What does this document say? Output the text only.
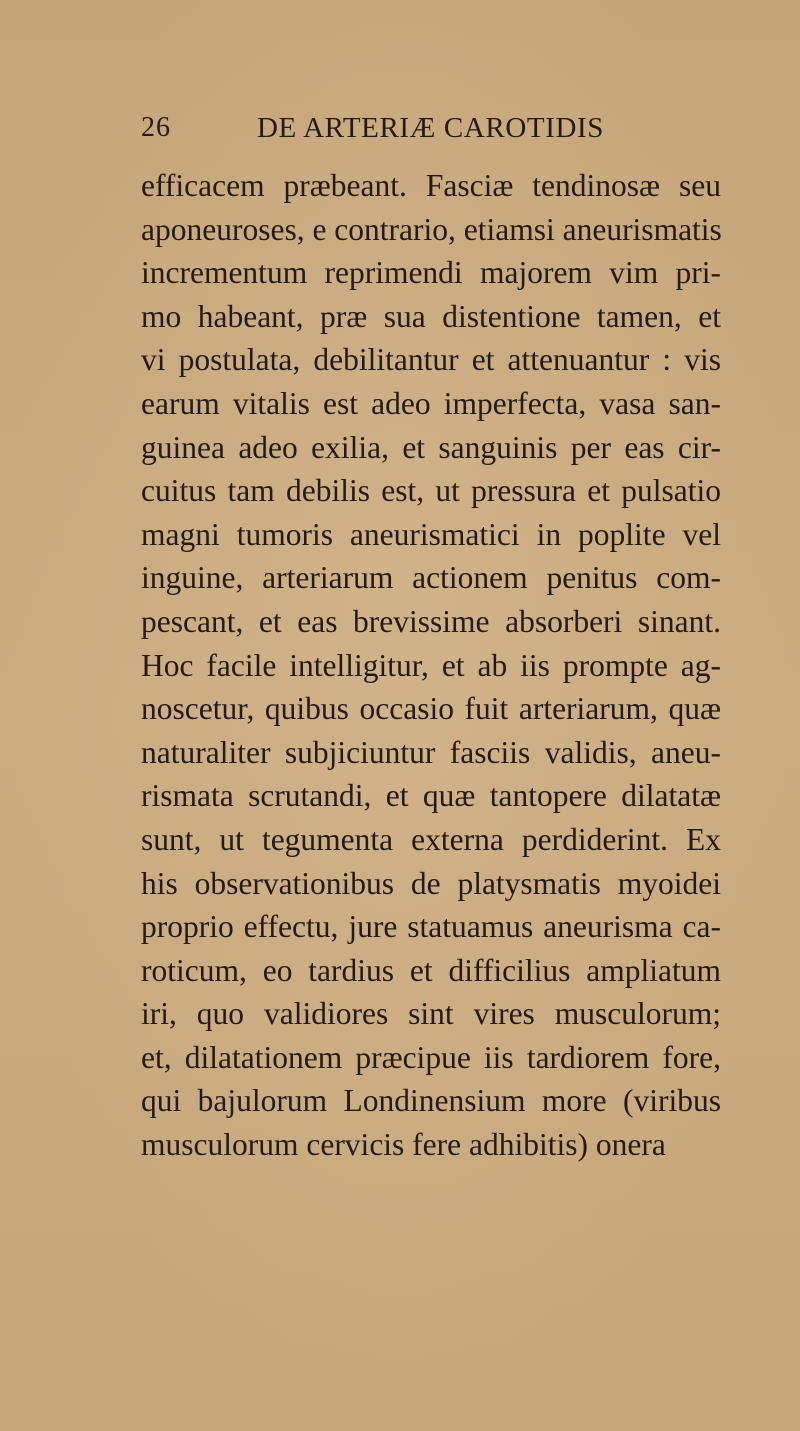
26	DE ARTERIÆ CAROTIDIS
efficacem præbeant. Fasciæ tendinosæ seu
aponeuroses, e contrario, etiamsi aneurismatis
incrementum reprimendi majorem vim pri-
mo habeant, præ sua distentione tamen, et
vi postulata, debilitantur et attenuantur : vis
earum vitalis est adeo imperfecta, vasa san-
guinea adeo exilia, et sanguinis per eas cir-
cuitus tam debilis est, ut pressura et pulsatio
magni tumoris aneurismatici in poplite vel
inguine, arteriarum actionem penitus com-
pescant, et eas brevissime absorberi sinant.
Hoc facile intelligitur, et ab iis prompte ag-
noscetur, quibus occasio fuit arteriarum, quæ
naturaliter subjiciuntur fasciis validis, aneu-
rismata scrutandi, et quæ tantopere dilatatæ
sunt, ut tegumenta externa perdiderint. Ex
his observationibus de platysmatis myoidei
proprio effectu, jure statuamus aneurisma ca-
roticum, eo tardius et difficilius ampliatum
iri, quo validiores sint vires musculorum;
et, dilatationem præcipue iis tardiorem fore,
qui bajulorum Londinensium more (viribus
musculorum cervicis fere adhibitis) onera
